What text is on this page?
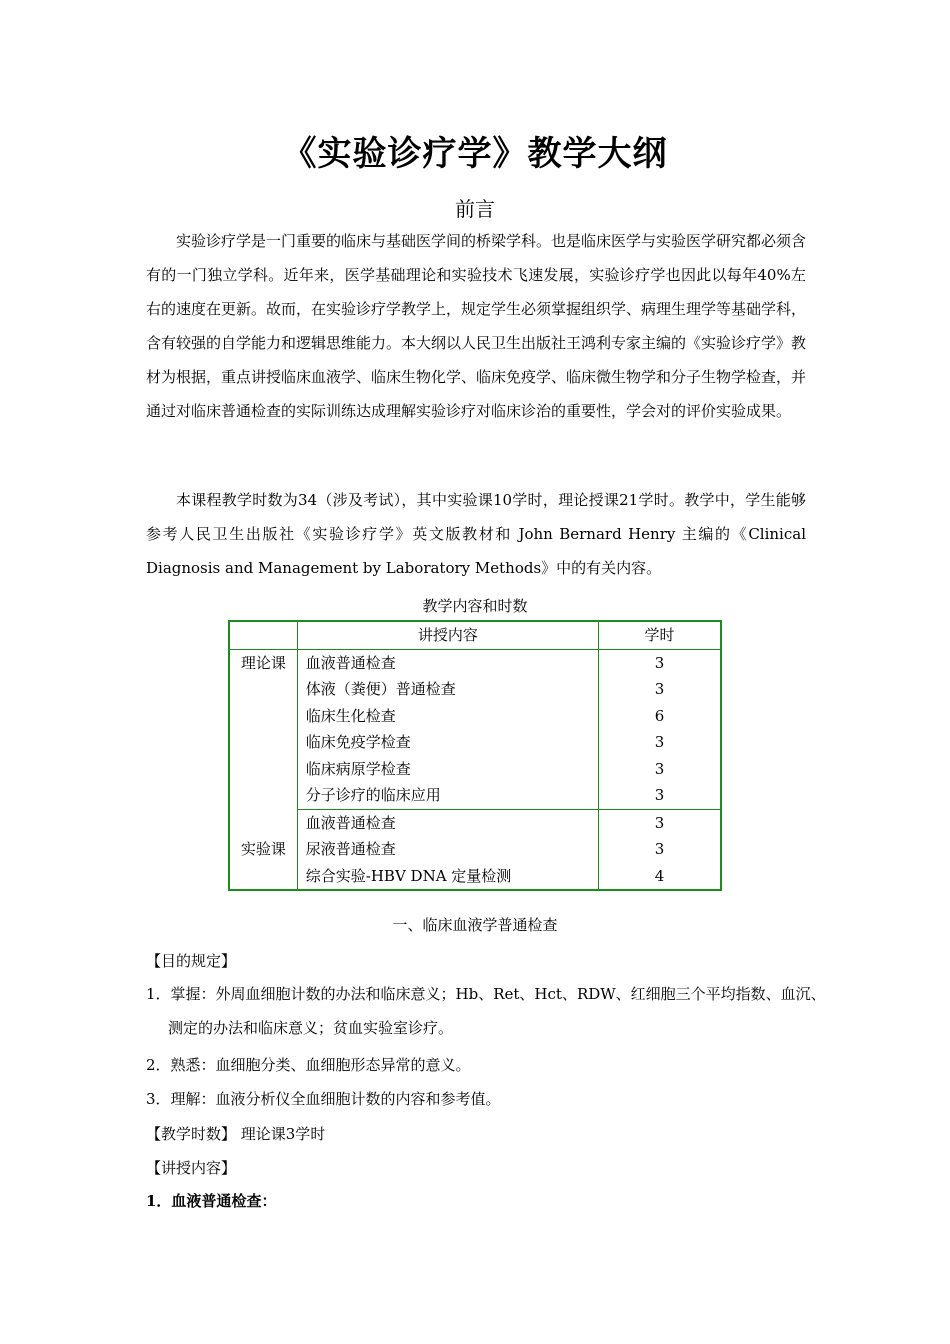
《实验诊疗学》教学大纲
前言

实验诊疗学是一门重要的临床与基础医学间的桥梁学科。也是临床医学与实验医学研究都必须含有的一门独立学科。近年来，医学基础理论和实验技术飞速发展，实验诊疗学也因此以每年40%左右的速度在更新。故而，在实验诊疗学教学上，规定学生必须掌握组织学、病理生理学等基础学科，含有较强的自学能力和逻辑思维能力。本大纲以人民卫生出版社王鸿利专家主编的《实验诊疗学》教材为根据，重点讲授临床血液学、临床生物化学、临床免疫学、临床微生物学和分子生物学检查，并通过对临床普通检查的实际训练达成理解实验诊疗对临床诊治的重要性，学会对的评价实验成果。

本课程教学时数为34（涉及考试），其中实验课10学时，理论授课21学时。教学中，学生能够参考人民卫生出版社《实验诊疗学》英文版教材和 John Bernard Henry 主编的《Clinical Diagnosis and Management by Laboratory Methods》中的有关内容。

教学内容和时数
	讲授内容	学时
理论课	血液普通检查	3
	体液（粪便）普通检查	3
	临床生化检查	6
	临床免疫学检查	3
	临床病原学检查	3
	分子诊疗的临床应用	3
实验课	血液普通检查	3
	尿液普通检查	3
	综合实验-HBV DNA 定量检测	4
一、临床血液学普通检查

【目的规定】

1．掌握：外周血细胞计数的办法和临床意义；Hb、Ret、Hct、RDW、红细胞三个平均指数、血沉、测定的办法和临床意义；贫血实验室诊疗。

2．熟悉：血细胞分类、血细胞形态异常的意义。

3．理解：血液分析仪全血细胞计数的内容和参考值。

【教学时数】 理论课3学时

【讲授内容】

1．血液普通检查：
